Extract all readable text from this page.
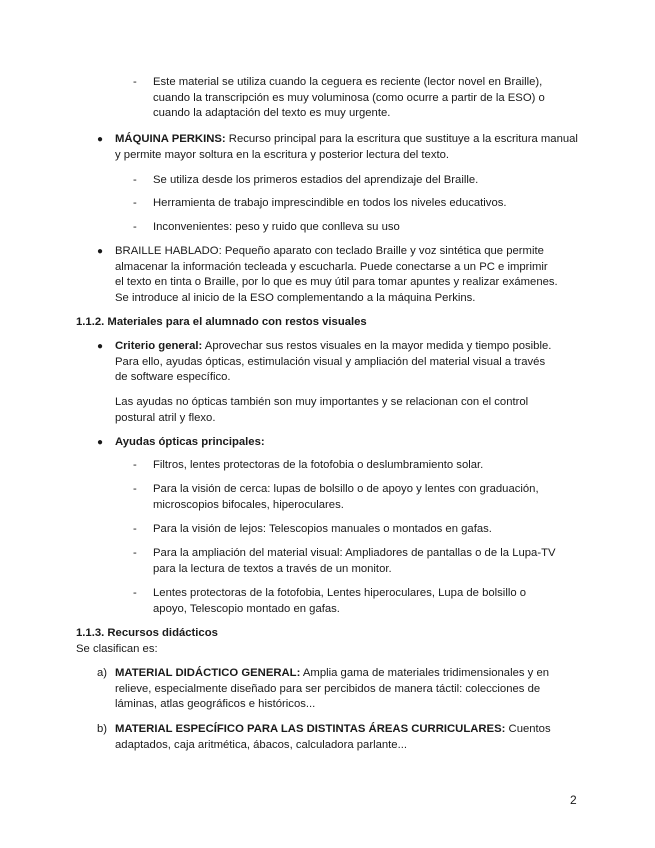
- Este material se utiliza cuando la ceguera es reciente (lector novel en Braille),
cuando la transcripción es muy voluminosa (como ocurre a partir de la ESO) o
cuando la adaptación del texto es muy urgente.
● MÁQUINA PERKINS: Recurso principal para la escritura que sustituye a la escritura manual y permite mayor soltura en la escritura y posterior lectura del texto.
- Se utiliza desde los primeros estadios del aprendizaje del Braille.
- Herramienta de trabajo imprescindible en todos los niveles educativos.
- Inconvenientes: peso y ruido que conlleva su uso
● BRAILLE HABLADO: Pequeño aparato con teclado Braille y voz sintética que permite
almacenar la información tecleada y escucharla. Puede conectarse a un PC e imprimir
el texto en tinta o Braille, por lo que es muy útil para tomar apuntes y realizar exámenes.
Se introduce al inicio de la ESO complementando a la máquina Perkins.
1.1.2. Materiales para el alumnado con restos visuales
● Criterio general: Aprovechar sus restos visuales en la mayor medida y tiempo posible.
Para ello, ayudas ópticas, estimulación visual y ampliación del material visual a través
de software específico.
Las ayudas no ópticas también son muy importantes y se relacionan con el control
postural atril y flexo.
● Ayudas ópticas principales:
- Filtros, lentes protectoras de la fotofobia o deslumbramiento solar.
- Para la visión de cerca: lupas de bolsillo o de apoyo y lentes con graduación,
microscopios bifocales, hiperoculares.
- Para la visión de lejos: Telescopios manuales o montados en gafas.
- Para la ampliación del material visual: Ampliadores de pantallas o de la Lupa-TV
para la lectura de textos a través de un monitor.
- Lentes protectoras de la fotofobia, Lentes hiperoculares, Lupa de bolsillo o
apoyo, Telescopio montado en gafas.
1.1.3. Recursos didácticos
Se clasifican es:
a) MATERIAL DIDÁCTICO GENERAL: Amplia gama de materiales tridimensionales y en
relieve, especialmente diseñado para ser percibidos de manera táctil: colecciones de
láminas, atlas geográficos e históricos...
b) MATERIAL ESPECÍFICO PARA LAS DISTINTAS ÁREAS CURRICULARES: Cuentos
adaptados, caja aritmética, ábacos, calculadora parlante...
2
